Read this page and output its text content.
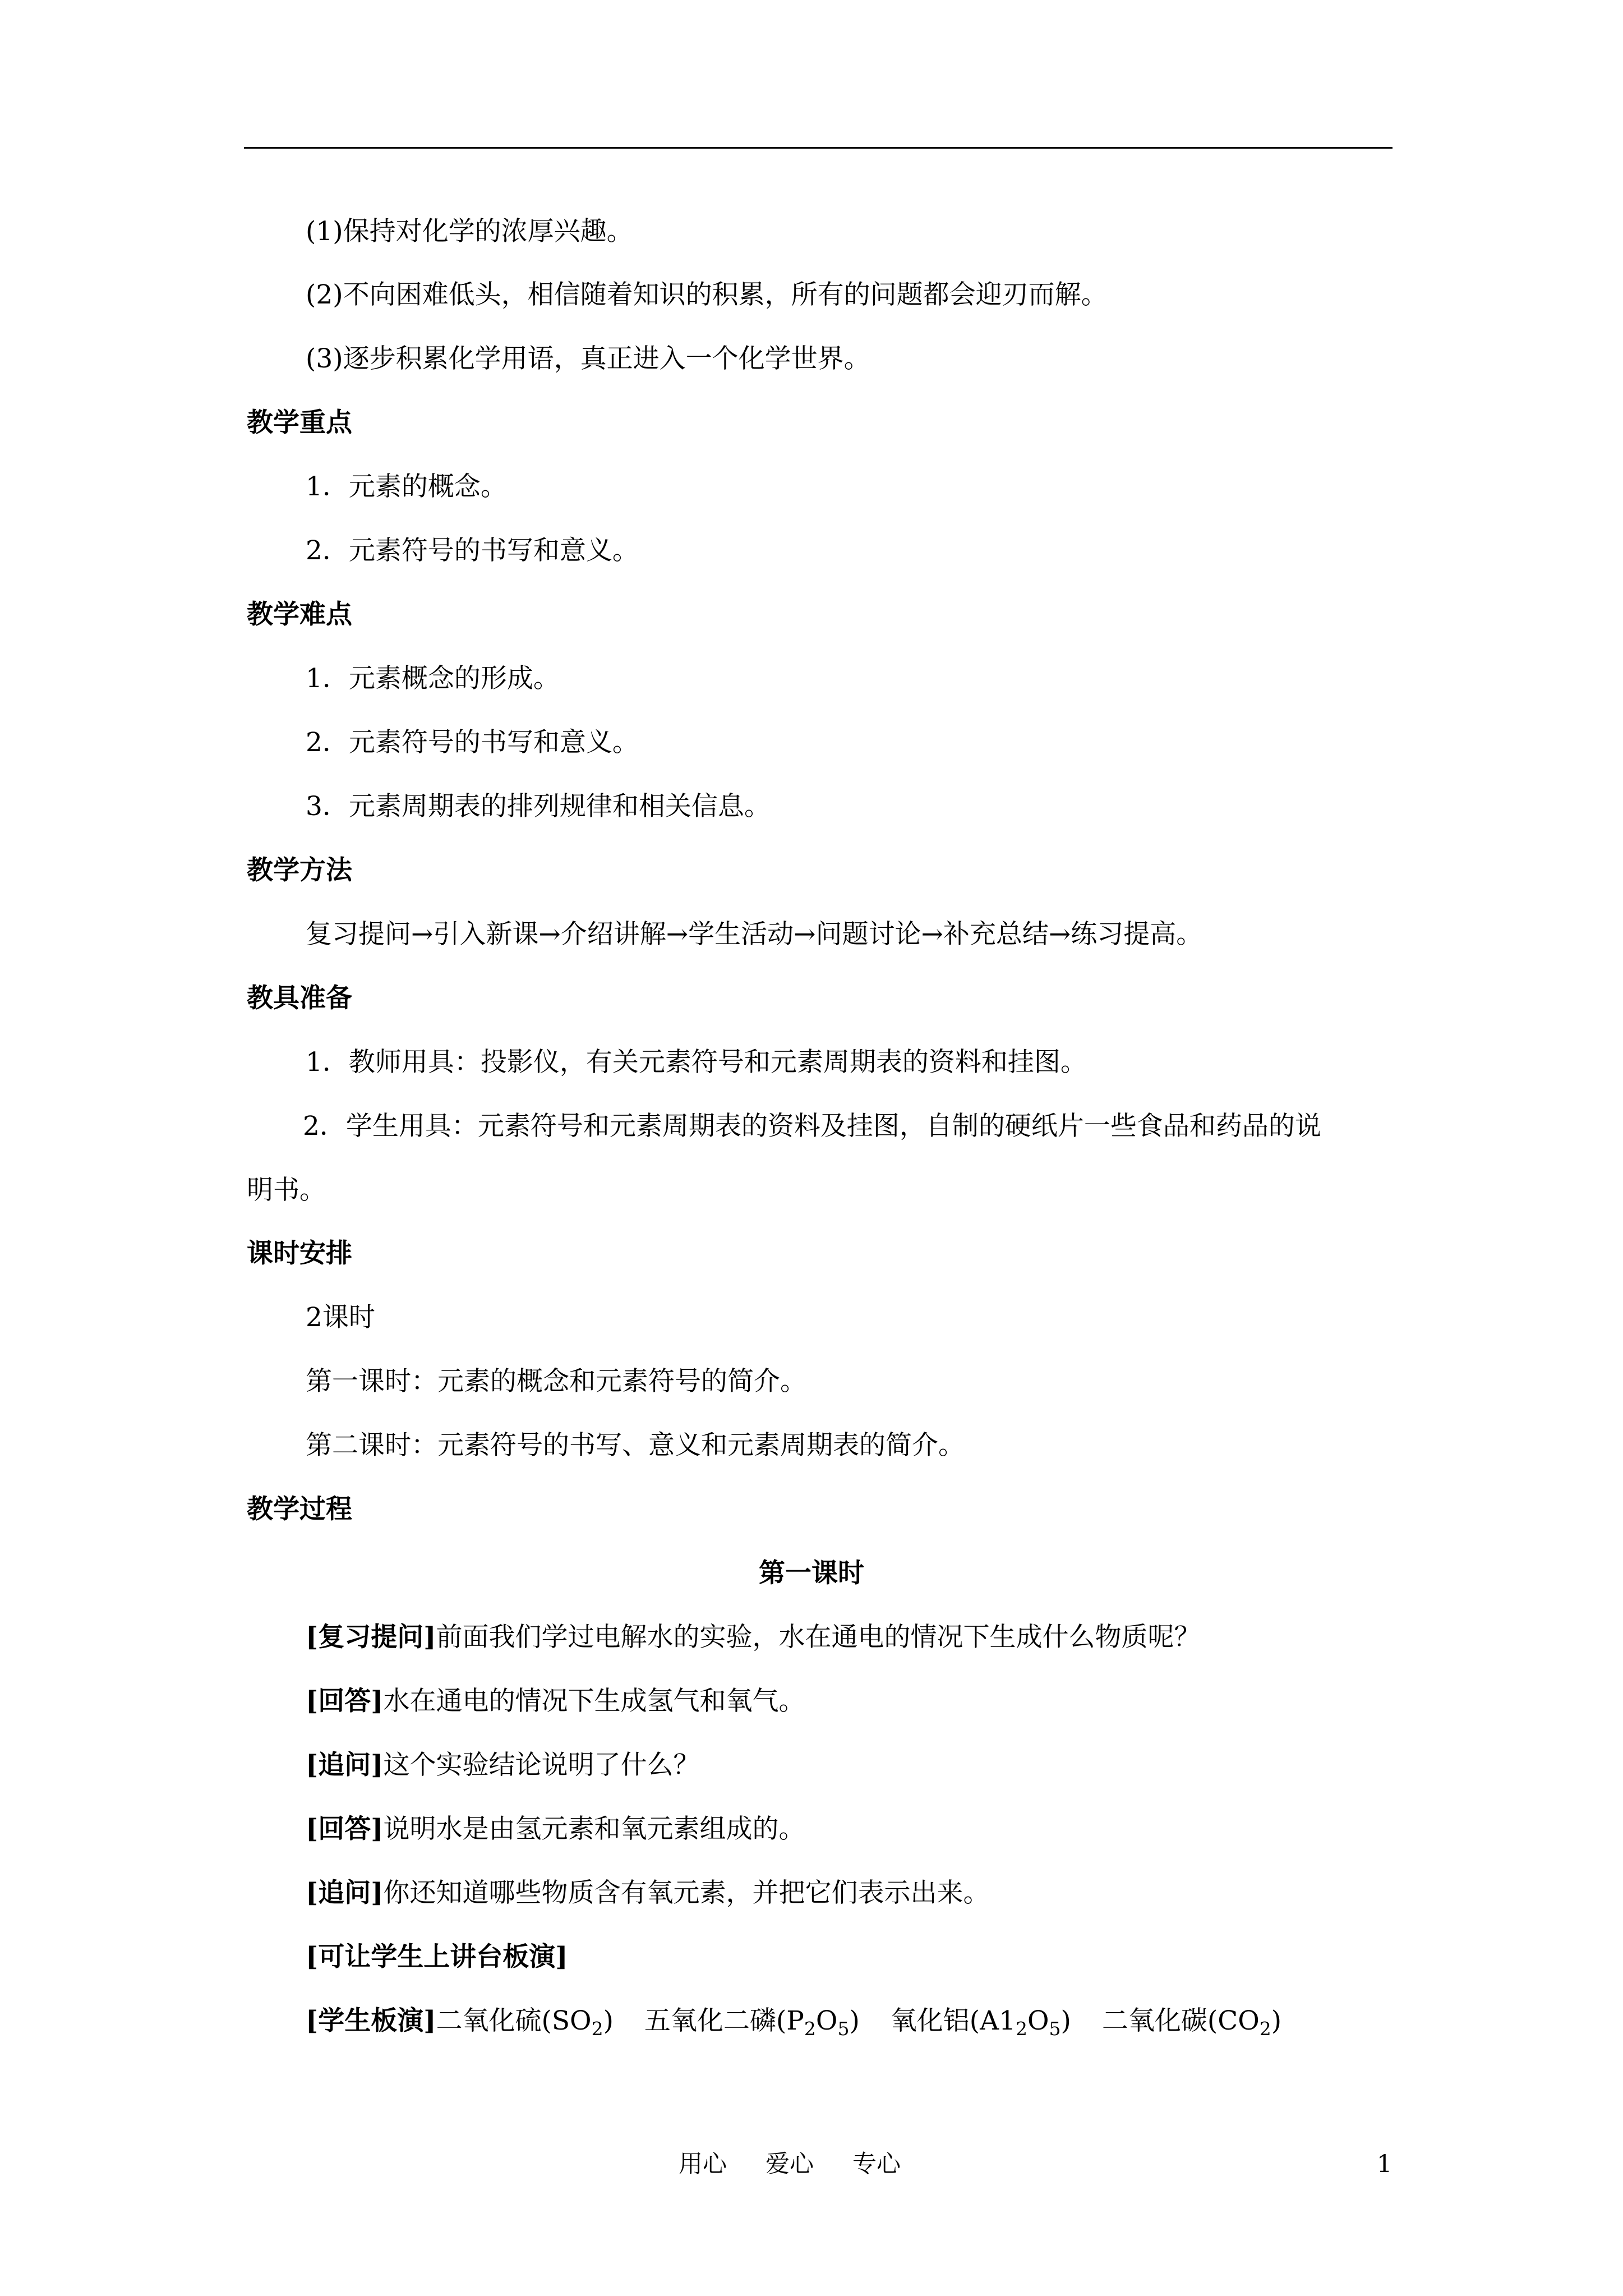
(1)保持对化学的浓厚兴趣。
(2)不向困难低头，相信随着知识的积累，所有的问题都会迎刃而解。
(3)逐步积累化学用语，真正进入一个化学世界。
教学重点
1．元素的概念。
2．元素符号的书写和意义。
教学难点
1．元素概念的形成。
2．元素符号的书写和意义。
3．元素周期表的排列规律和相关信息。
教学方法
复习提问→引入新课→介绍讲解→学生活动→问题讨论→补充总结→练习提高。
教具准备
1．教师用具：投影仪，有关元素符号和元素周期表的资料和挂图。
2．学生用具：元素符号和元素周期表的资料及挂图，自制的硬纸片一些食品和药品的说明书。
课时安排
2课时
第一课时：元素的概念和元素符号的简介。
第二课时：元素符号的书写、意义和元素周期表的简介。
教学过程
第一课时
[复习提问]前面我们学过电解水的实验，水在通电的情况下生成什么物质呢？
[回答]水在通电的情况下生成氢气和氧气。
[追问]这个实验结论说明了什么？
[回答]说明水是由氢元素和氧元素组成的。
[追问]你还知道哪些物质含有氧元素，并把它们表示出来。
[可让学生上讲台板演]
[学生板演]二氧化硫$(SO_2)$ 五氧化二磷$(P_2O_5)$ 氧化铝$(A1_2O_5)$ 二氧化碳$(CO_2)$
用心 爱心 专心	1
